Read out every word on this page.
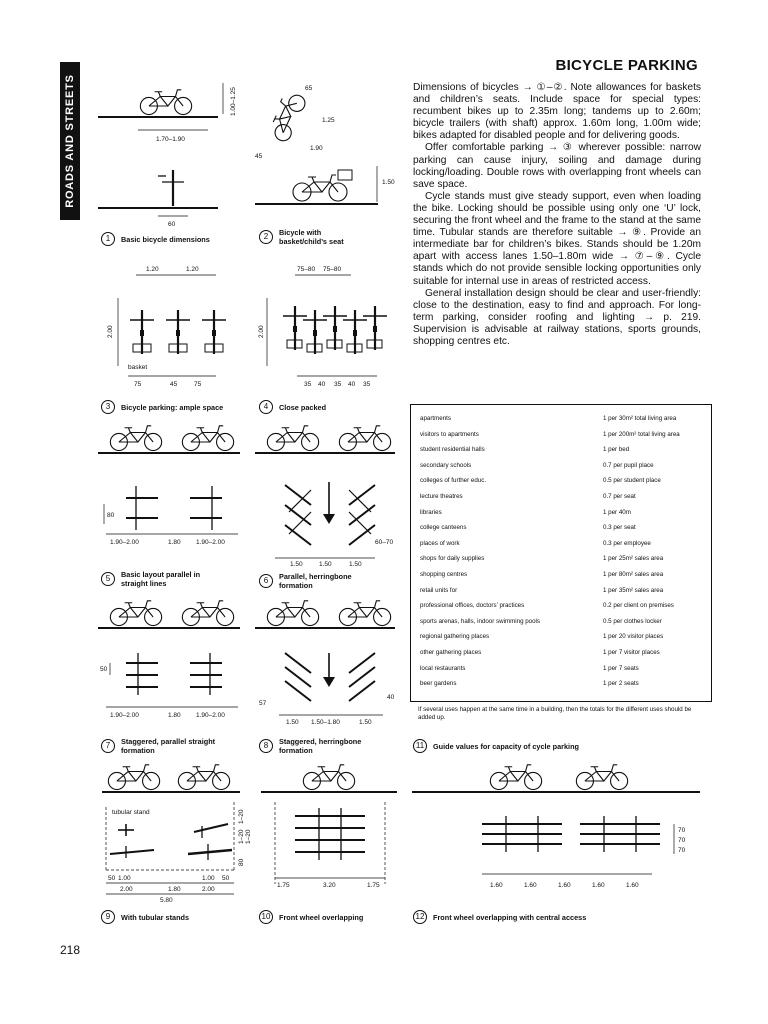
ROADS AND STREETS
BICYCLE PARKING

Dimensions of bicycles → ①–②. Note allowances for baskets and children’s seats. Include space for special types: recumbent bikes up to 2.35m long; tandems up to 2.60m; bicycle trailers (with shaft) approx. 1.60m long, 1.00m wide; bikes adapted for disabled people and for delivering goods.

Offer comfortable parking → ③ wherever possible: narrow parking can cause injury, soiling and damage during locking/loading. Double rows with overlapping front wheels can save space.

Cycle stands must give steady support, even when loading the bike. Locking should be possible using only one ‘U’ lock, securing the front wheel and the frame to the stand at the same time. Tubular stands are therefore suitable → ⑨. Provide an intermediate bar for children’s bikes. Stands should be 1.20m apart with access lanes 1.50–1.80m wide → ⑦–⑨. Cycle stands which do not provide sensible locking opportunities only suitable for internal use in areas of restricted access.

General installation design should be clear and user-friendly: close to the destination, easy to find and approach. For long-term parking, consider roofing and lighting → p. 219. Supervision is advisable at railway stations, sports grounds, shopping centres etc.

1.00–1.25
1.70–1.90
60
1 Basic bicycle dimensions
65
1.25
1.90
45
1.50
2 Bicycle with
basket/child’s seat
1.20	1.20
2.00
basket
75	45	75
3 Bicycle parking: ample space
75–80 75–80
2.00
35 40 35 40 35
4 Close packed
80
1.90–2.00	1.80 1.90–2.00
5 Basic layout parallel in
straight lines
60–70
1.50	1.50	1.50
6 Parallel, herringbone
formation
50
1.90–2.00	1.80 1.90–2.00
7 Staggered, parallel straight
formation
57
40
1.50 1.50–1.80	1.50
8 Staggered, herringbone
formation
tubular stand	1–20
1–20 1–20
80
50 1.00	1.00 50
2.00	1.80	2.00
5.80
9 With tubular stands
1.75	3.20	1.75
10 Front wheel overlapping
apartments	1 per 30m² total living area
visitors to apartments	1 per 200m² total living area
student residential halls	1 per bed
secondary schools	0.7 per pupil place
colleges of further educ.	0.5 per student place
lecture theatres	0.7 per seat
libraries	1 per 40m
college canteens	0.3 per seat
places of work	0.3 per employee
shops for daily supplies	1 per 25m² sales area
shopping centres	1 per 80m² sales area
retail units for	1 per 35m² sales area
professional offices, doctors’ practices	0.2 per client on premises
sports arenas, halls, indoor swimming pools	0.5 per clothes locker
regional gathering places	1 per 20 visitor places
other gathering places	1 per 7 visitor places
local restaurants	1 per 7 seats
beer gardens	1 per 2 seats
If several uses happen at the same time in a building, then the totals for the different uses should be added up.
11 Guide values for capacity of cycle parking
70
70
70
1.60	1.60	1.60	1.60	1.60
12 Front wheel overlapping with central access
218
